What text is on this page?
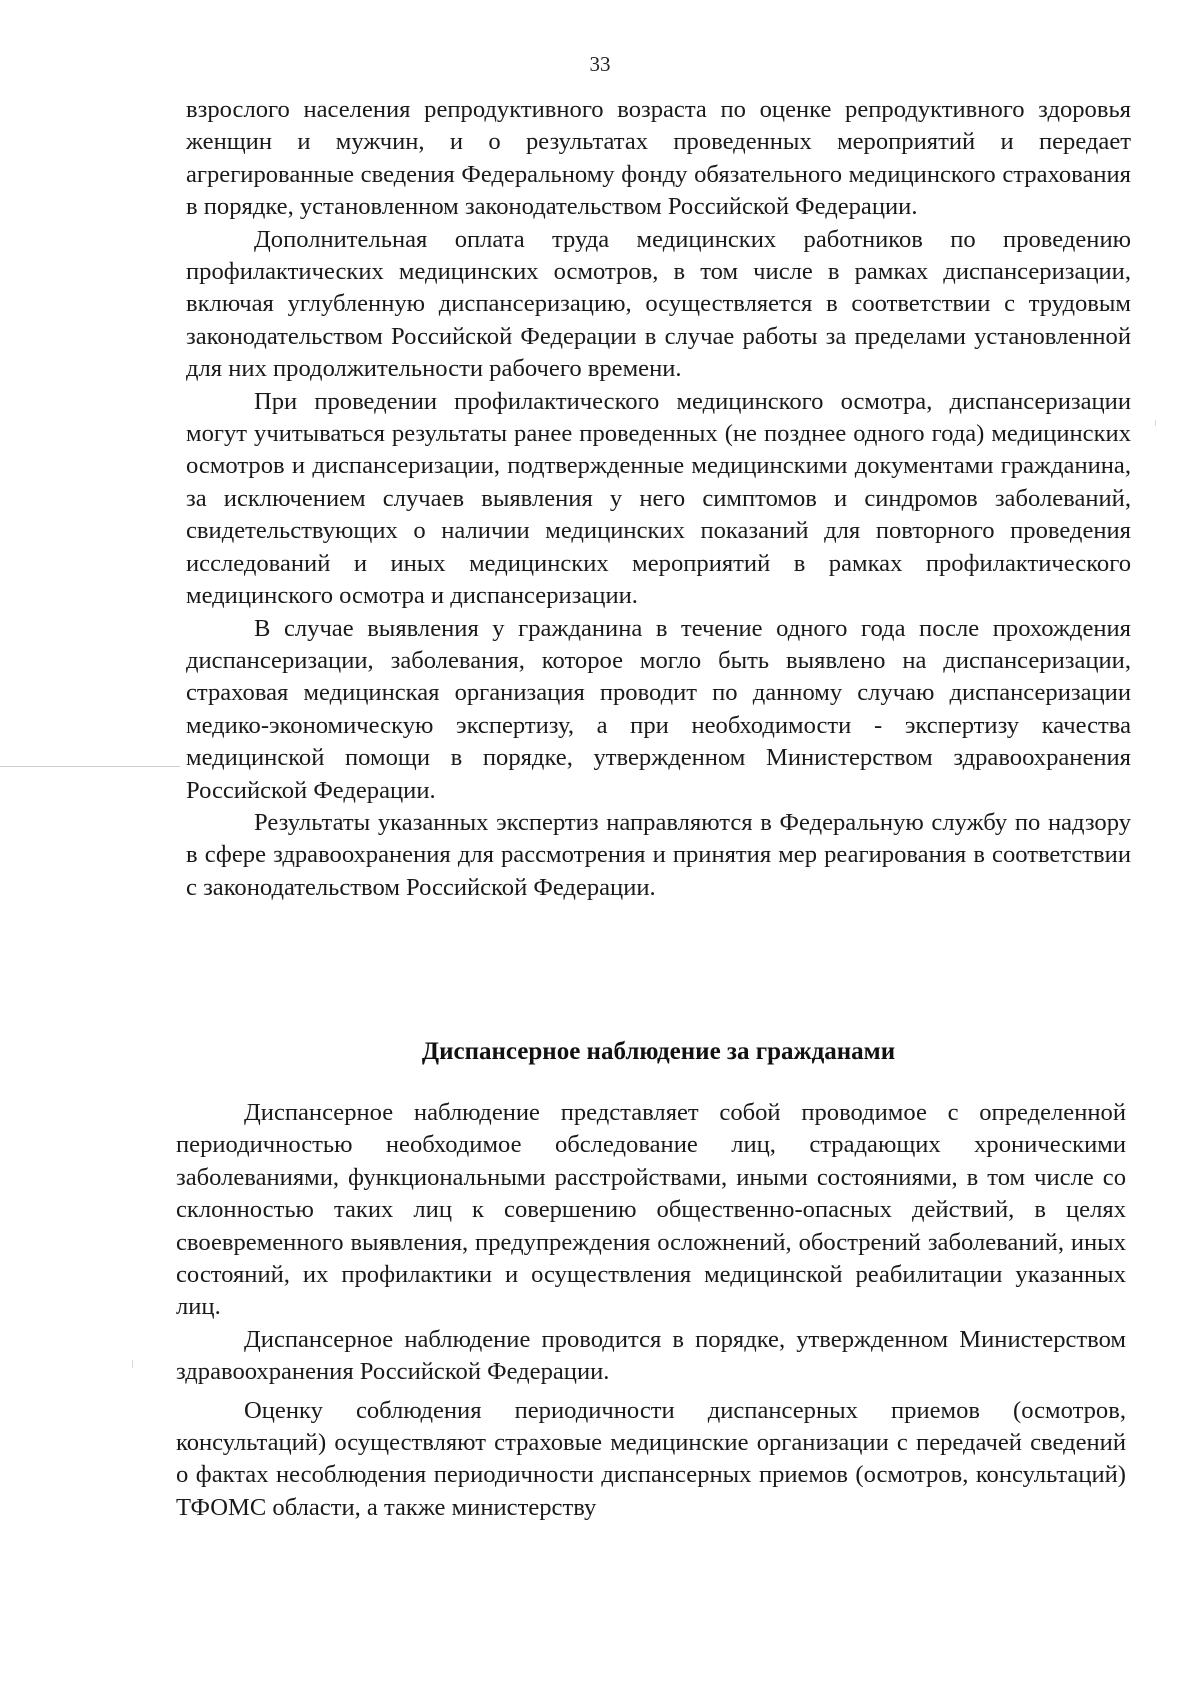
33

взрослого населения репродуктивного возраста по оценке репродуктивного здоровья женщин и мужчин, и о результатах проведенных мероприятий и передает агрегированные сведения Федеральному фонду обязательного медицинского страхования в порядке, установленном законодательством Российской Федерации.

Дополнительная оплата труда медицинских работников по проведению профилактических медицинских осмотров, в том числе в рамках диспансеризации, включая углубленную диспансеризацию, осуществляется в соответствии с трудовым законодательством Российской Федерации в случае работы за пределами установленной для них продолжительности рабочего времени.

При проведении профилактического медицинского осмотра, диспансеризации могут учитываться результаты ранее проведенных (не позднее одного года) медицинских осмотров и диспансеризации, подтвержденные медицинскими документами гражданина, за исключением случаев выявления у него симптомов и синдромов заболеваний, свидетельствующих о наличии медицинских показаний для повторного проведения исследований и иных медицинских мероприятий в рамках профилактического медицинского осмотра и диспансеризации.

В случае выявления у гражданина в течение одного года после прохождения диспансеризации, заболевания, которое могло быть выявлено на диспансеризации, страховая медицинская организация проводит по данному случаю диспансеризации медико-экономическую экспертизу, а при необходимости - экспертизу качества медицинской помощи в порядке, утвержденном Министерством здравоохранения Российской Федерации.

Результаты указанных экспертиз направляются в Федеральную службу по надзору в сфере здравоохранения для рассмотрения и принятия мер реагирования в соответствии с законодательством Российской Федерации.

Диспансерное наблюдение за гражданами

Диспансерное наблюдение представляет собой проводимое с определенной периодичностью необходимое обследование лиц, страдающих хроническими заболеваниями, функциональными расстройствами, иными состояниями, в том числе со склонностью таких лиц к совершению общественно-опасных действий, в целях своевременного выявления, предупреждения осложнений, обострений заболеваний, иных состояний, их профилактики и осуществления медицинской реабилитации указанных лиц.

Диспансерное наблюдение проводится в порядке, утвержденном Министерством здравоохранения Российской Федерации.

Оценку соблюдения периодичности диспансерных приемов (осмотров, консультаций) осуществляют страховые медицинские организации с передачей сведений о фактах несоблюдения периодичности диспансерных приемов (осмотров, консультаций) ТФОМС области, а также министерству
